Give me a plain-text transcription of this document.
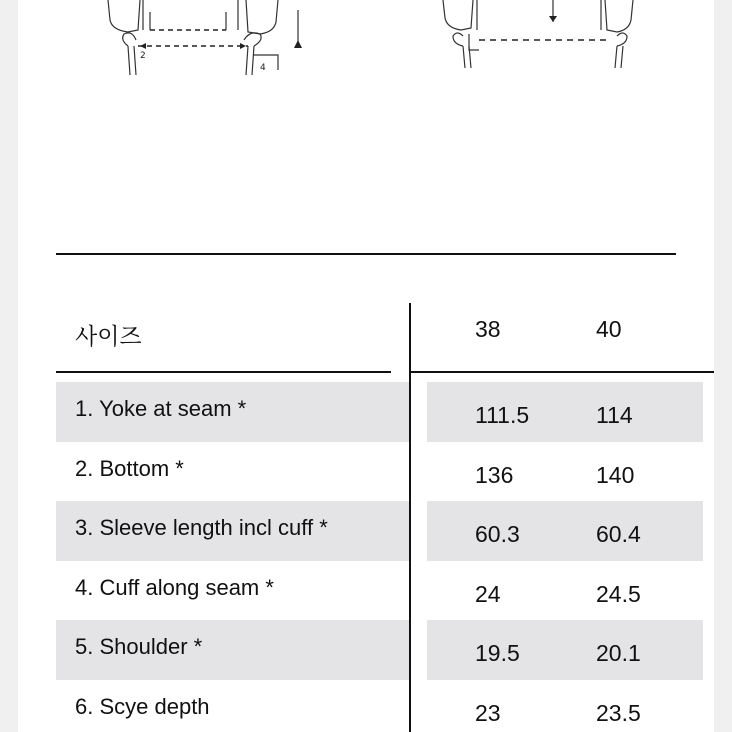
2
4
1. Yoke at seam *	111.5	114
2. Bottom *	136	140
3. Sleeve length incl cuff *	60.3	60.4
4. Cuff along seam *	24	24.5
5. Shoulder *	19.5	20.1
6. Scye depth	23	23.5
사이즈	38	40
